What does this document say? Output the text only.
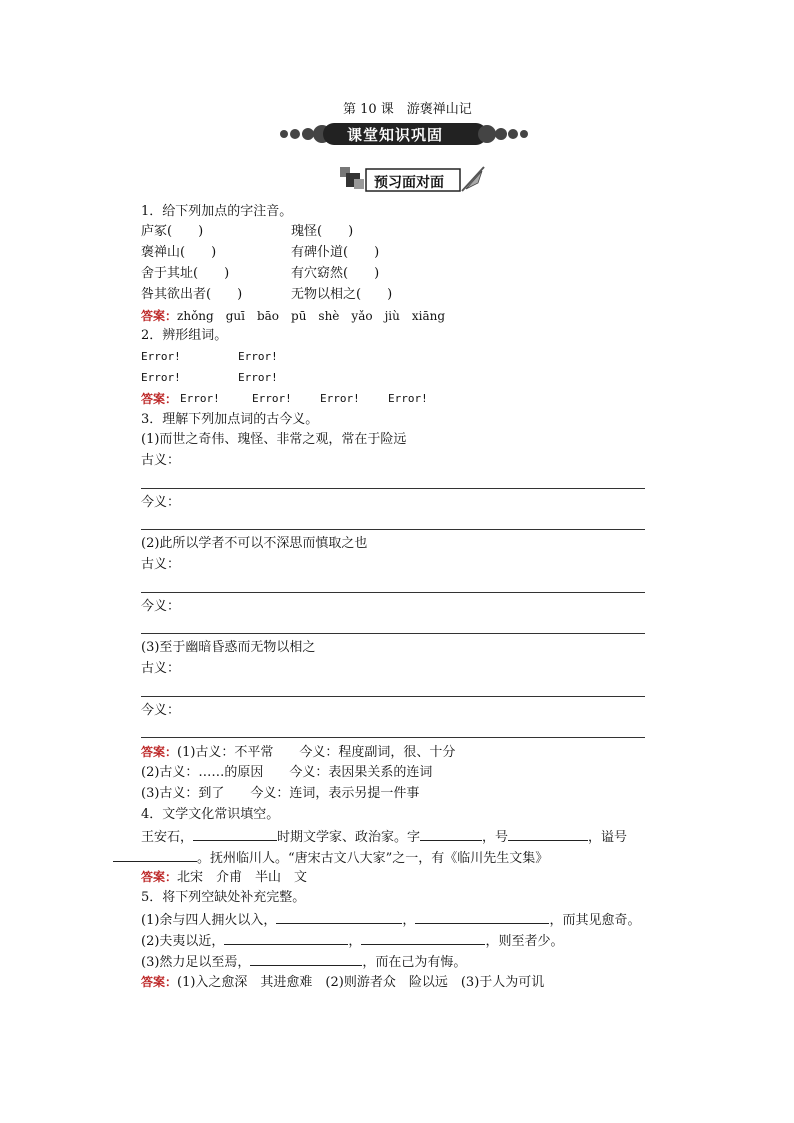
第 10 课　游褒禅山记
课堂知识巩固
预习面对面
1．给下列加点的字注音。
庐冢(　　)	瑰怪(　　)
褒禅山(　　)	有碑仆道(　　)
舍于其址(　　)	有穴窈然(　　)
咎其欲出者(　　)	无物以相之(　　)
答案：zhǒng　guī　bāo　pū　shè　yǎo　jiù　xiāng
2．辨形组词。
Error!	Error!
Error!	Error!
答案： Error!	Error!	Error!	Error!
3．理解下列加点词的古今义。
(1)而世之奇伟、瑰怪、非常之观，常在于险远
古义：
今义：
(2)此所以学者不可以不深思而慎取之也
古义：
今义：
(3)至于幽暗昏惑而无物以相之
古义：
今义：
答案：(1)古义：不平常　　今义：程度副词，很、十分
(2)古义：……的原因　　今义：表因果关系的连词
(3)古义：到了　　今义：连词，表示另提一件事
4．文学文化常识填空。
王安石，	时期文学家、政治家。字	，号	，谥号
。抚州临川人。“唐宋古文八大家”之一，有《临川先生文集》
答案：北宋　介甫　半山　文
5．将下列空缺处补充完整。
(1)余与四人拥火以入，	，	，而其见愈奇。
(2)夫夷以近，	，	，则至者少。
(3)然力足以至焉，	，而在己为有悔。
答案：(1)入之愈深　其进愈难　(2)则游者众　险以远　(3)于人为可讥
